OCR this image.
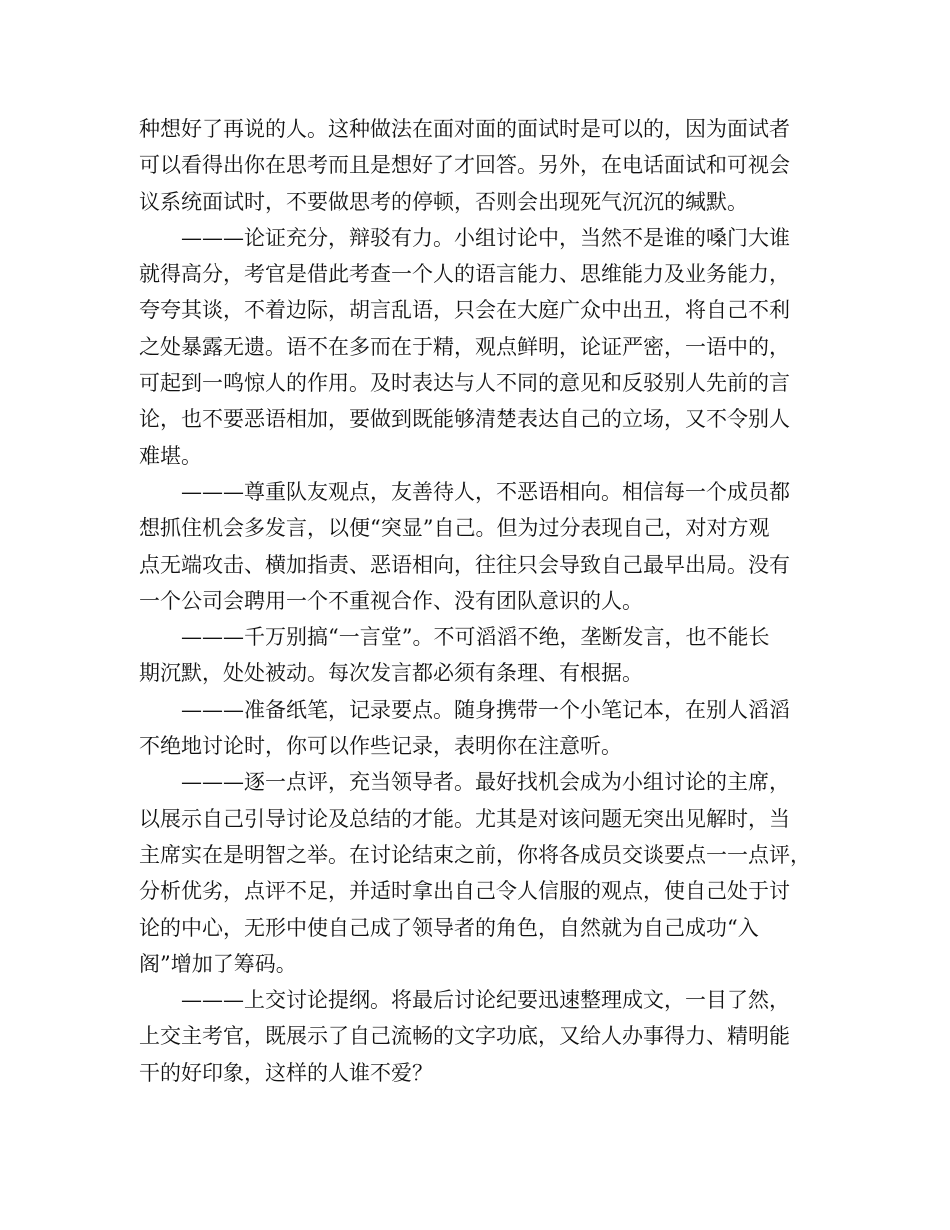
种想好了再说的人。这种做法在面对面的面试时是可以的，因为面试者
可以看得出你在思考而且是想好了才回答。另外，在电话面试和可视会
议系统面试时，不要做思考的停顿，否则会出现死气沉沉的缄默。
———论证充分，辩驳有力。小组讨论中，当然不是谁的嗓门大谁
就得高分，考官是借此考查一个人的语言能力、思维能力及业务能力，
夸夸其谈，不着边际，胡言乱语，只会在大庭广众中出丑，将自己不利
之处暴露无遗。语不在多而在于精，观点鲜明，论证严密，一语中的，
可起到一鸣惊人的作用。及时表达与人不同的意见和反驳别人先前的言
论，也不要恶语相加，要做到既能够清楚表达自己的立场，又不令别人
难堪。
———尊重队友观点，友善待人，不恶语相向。相信每一个成员都
想抓住机会多发言，以便“突显”自己。但为过分表现自己，对对方观
点无端攻击、横加指责、恶语相向，往往只会导致自己最早出局。没有
一个公司会聘用一个不重视合作、没有团队意识的人。
———千万别搞“一言堂”。不可滔滔不绝，垄断发言，也不能长
期沉默，处处被动。每次发言都必须有条理、有根据。
———准备纸笔，记录要点。随身携带一个小笔记本，在别人滔滔
不绝地讨论时，你可以作些记录，表明你在注意听。
———逐一点评，充当领导者。最好找机会成为小组讨论的主席，
以展示自己引导讨论及总结的才能。尤其是对该问题无突出见解时，当
主席实在是明智之举。在讨论结束之前，你将各成员交谈要点一一点评，
分析优劣，点评不足，并适时拿出自己令人信服的观点，使自己处于讨
论的中心，无形中使自己成了领导者的角色，自然就为自己成功“入
阁”增加了筹码。
———上交讨论提纲。将最后讨论纪要迅速整理成文，一目了然，
上交主考官，既展示了自己流畅的文字功底，又给人办事得力、精明能
干的好印象，这样的人谁不爱？
